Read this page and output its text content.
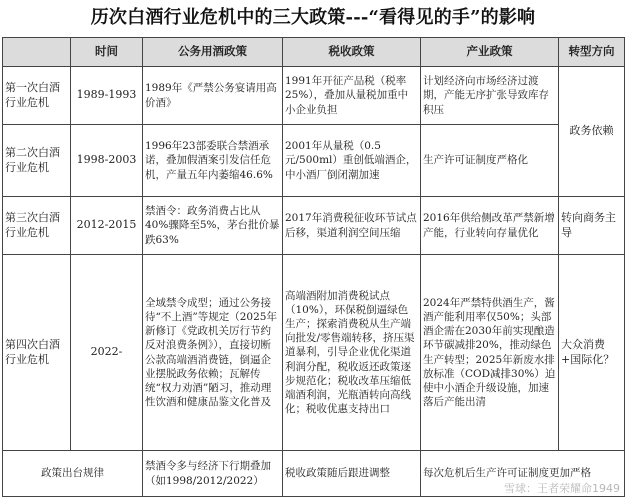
历次白酒行业危机中的三大政策---“看得见的手”的影响
	时间	公务用酒政策	税收政策	产业政策	转型方向
第一次白酒行业危机	1989-1993	1989年《严禁公务宴请用高价酒》	1991年开征产品税（税率25%），叠加从量税加重中小企业负担	计划经济向市场经济过渡期，产能无序扩张导致库存积压	政务依赖
第二次白酒行业危机	1998-2003	1996年23部委联合禁酒承诺，叠加假酒案引发信任危机，产量五年内萎缩46.6%	2001年从量税（0.5元/500ml）重创低端酒企，中小酒厂倒闭潮加速	生产许可证制度严格化	
第三次白酒行业危机	2012-2015	禁酒令：政务消费占比从40%骤降至5%，茅台批价暴跌63%	2017年消费税征收环节试点后移，渠道利润空间压缩	2016年供给侧改革严禁新增产能，行业转向存量优化	转向商务主导
第四次白酒行业危机	2022-	全域禁令成型；通过公务接待“不上酒”等规定（2025年新修订《党政机关厉行节约反对浪费条例》），直接切断公款高端酒消费链，倒逼企业摆脱政务依赖；瓦解传统“权力劝酒”陋习，推动理性饮酒和健康品鉴文化普及	高端酒附加消费税试点（10%），环保税倒逼绿色生产；探索消费税从生产端向批发/零售端转移，挤压渠道暴利，引导企业优化渠道利润分配，税收返还政策逐步规范化；税收改革压缩低端酒利润，光瓶酒转向高线化；税收优惠支持出口	2024年严禁特供酒生产，酱酒产能利用率仅50%；头部酒企需在2030年前实现酿造环节碳减排20%，推动绿色生产转型；2025年新废水排放标准（COD减排30%）迫使中小酒企升级设施，加速落后产能出清	大众消费+国际化？
政策出台规律		禁酒令多与经济下行期叠加（如1998/2012/2022）	税收政策随后跟进调整	每次危机后生产许可证制度更加严格	
雪球：王者荣耀命1949
